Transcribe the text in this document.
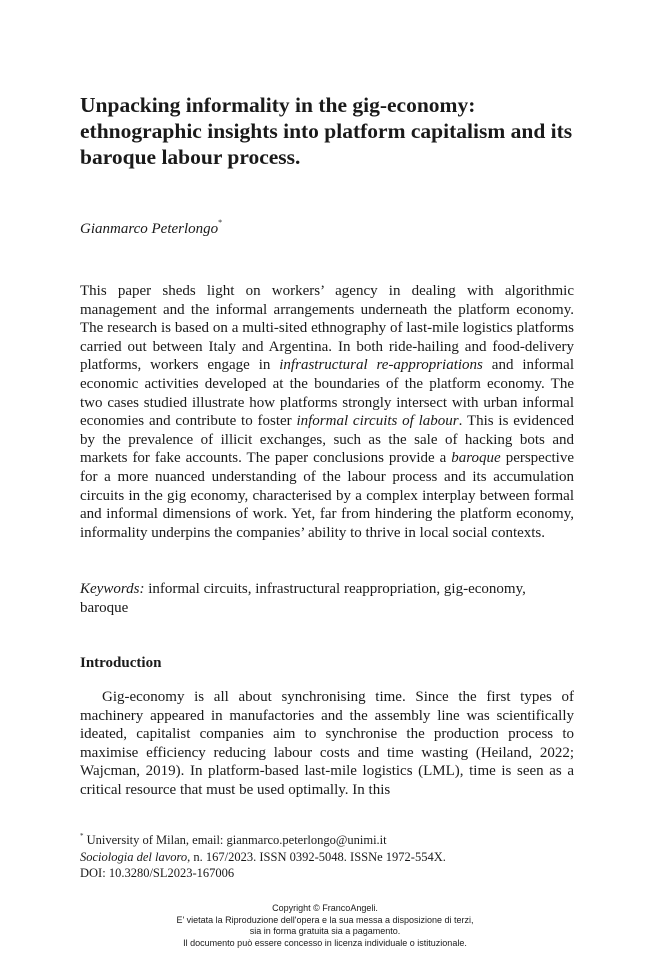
Unpacking informality in the gig-economy: ethnographic insights into platform capitalism and its baroque labour process.

Gianmarco Peterlongo*

This paper sheds light on workers’ agency in dealing with algorithmic management and the informal arrangements underneath the platform economy. The research is based on a multi-sited ethnography of last-mile logistics platforms carried out between Italy and Argentina. In both ride-hailing and food-delivery platforms, workers engage in infrastructural re-appropriations and informal economic activities developed at the boundaries of the platform economy. The two cases studied illustrate how platforms strongly intersect with urban informal economies and contribute to foster informal circuits of labour. This is evidenced by the prevalence of illicit exchanges, such as the sale of hacking bots and markets for fake accounts. The paper conclusions provide a baroque perspective for a more nuanced understanding of the labour process and its accumulation circuits in the gig economy, characterised by a complex interplay between formal and informal dimensions of work. Yet, far from hindering the platform economy, informality underpins the companies’ ability to thrive in local social contexts.

Keywords: informal circuits, infrastructural reappropriation, gig-economy, baroque

Introduction

Gig-economy is all about synchronising time. Since the first types of machinery appeared in manufactories and the assembly line was scientifically ideated, capitalist companies aim to synchronise the production process to maximise efficiency reducing labour costs and time wasting (Heiland, 2022; Wajcman, 2019). In platform-based last-mile logistics (LML), time is seen as a critical resource that must be used optimally. In this

* University of Milan, email: gianmarco.peterlongo@unimi.it
Sociologia del lavoro, n. 167/2023. ISSN 0392-5048. ISSNe 1972-554X.
DOI: 10.3280/SL2023-167006
Copyright © FrancoAngeli.
E' vietata la Riproduzione dell'opera e la sua messa a disposizione di terzi,
sia in forma gratuita sia a pagamento.
Il documento può essere concesso in licenza individuale o istituzionale.
